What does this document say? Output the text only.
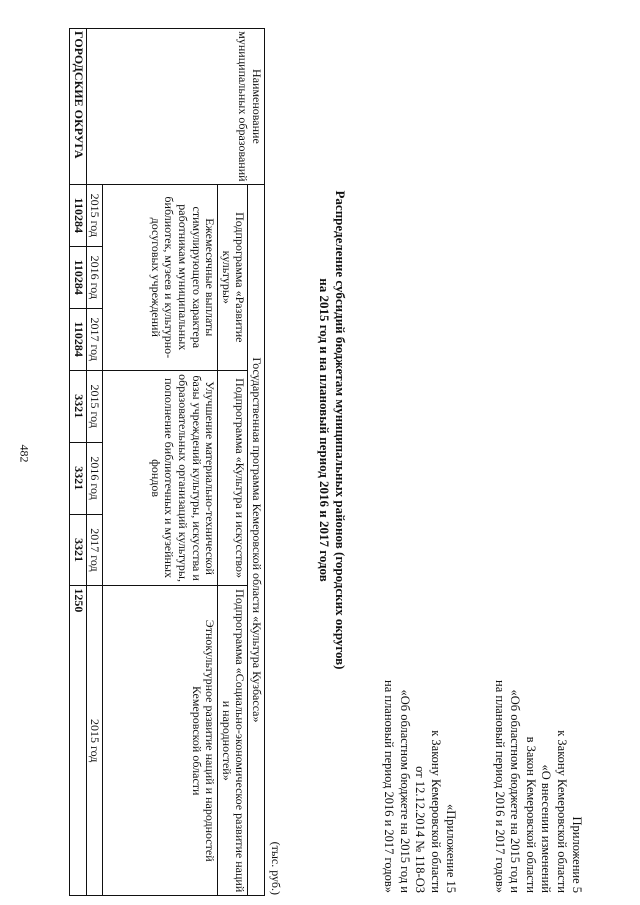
482
Приложение 5
к Закону Кемеровской области
«О внесении изменений
в Закон Кемеровской области
«Об областном бюджете на 2015 год и
на плановый период 2016 и 2017 годов»
«Приложение 15
к Закону Кемеровской области
от 12.12.2014 № 118-ОЗ
«Об областном бюджете на 2015 год и
на плановый период 2016 и 2017 годов»
Распределение субсидий бюджетам муниципальных районов (городских округов)
на 2015 год и на плановый период 2016 и 2017 годов
(тыс. руб.)
Наименование муниципальных образований	Государственная программа Кемеровской области «Культура Кузбасса»						
	Подпрограмма «Развитие культуры»			Подпрограмма «Культура и искусство»			Подпрограмма «Социально-экономическое развитие наций и народностей»
	Ежемесячные выплаты стимулирующего характера работникам муниципальных библиотек, музеев и культурно-досуговых учреждений			Улучшение материально-технической базы учреждений культуры, искусства и образовательных организаций культуры, пополнение библиотечных и музейных фондов			Этнокультурное развитие наций и народностей Кемеровской области
	2015 год	2016 год	2017 год	2015 год	2016 год	2017 год	2015 год
ГОРОДСКИЕ ОКРУГА	110284	110284	110284	3321	3321	3321	1250
